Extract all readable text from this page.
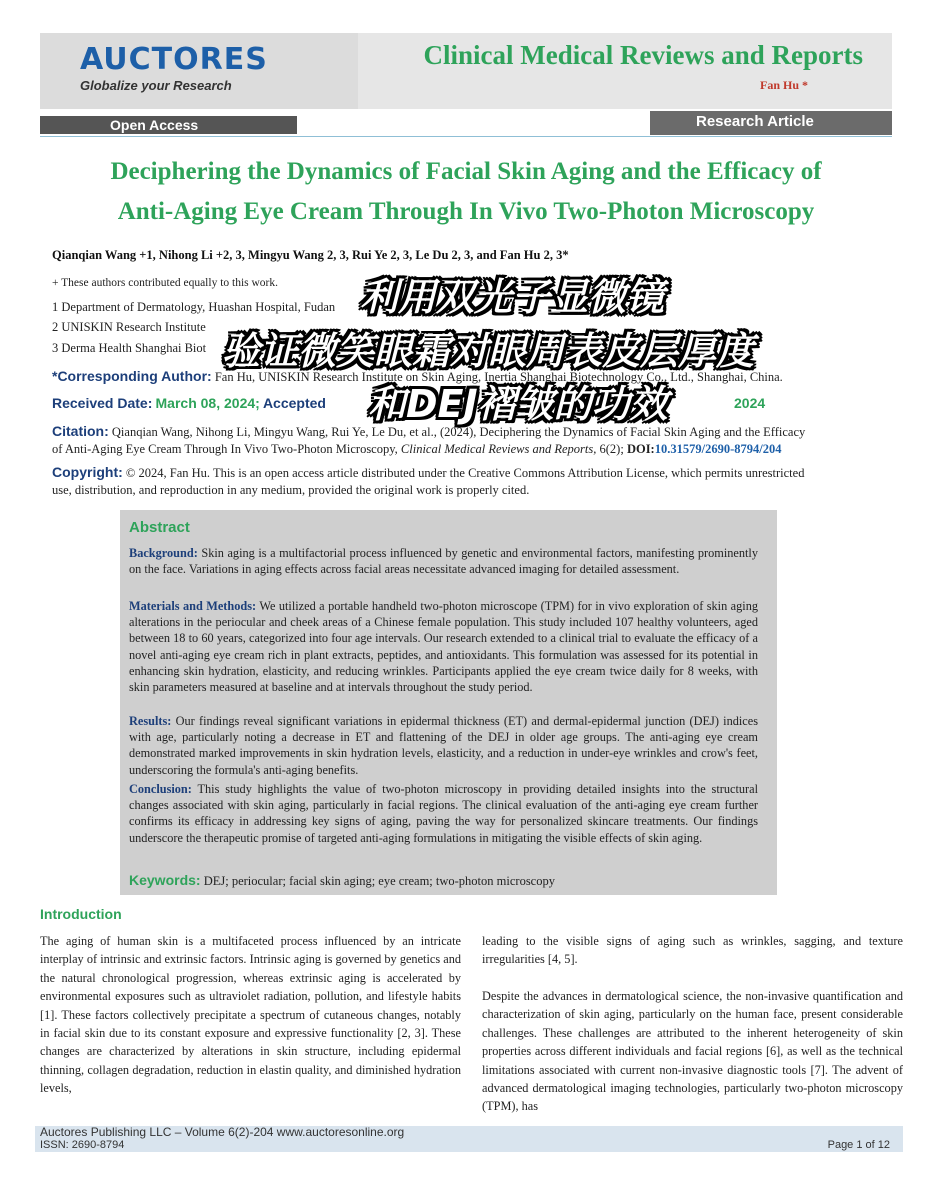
AUCTORES
Globalize your Research
Clinical Medical Reviews and Reports
Fan Hu *
Open Access	Research Article
Deciphering the Dynamics of Facial Skin Aging and the Efficacy of
Anti-Aging Eye Cream Through In Vivo Two-Photon Microscopy
Qianqian Wang +1, Nihong Li +2, 3, Mingyu Wang 2, 3, Rui Ye 2, 3, Le Du 2, 3, and Fan Hu 2, 3*
+ These authors contributed equally to this work.
1 Department of Dermatology, Huashan Hospital, Fudan
2 UNISKIN Research Institute
3 Derma Health Shanghai Biot
*Corresponding Author: Fan Hu, UNISKIN Research Institute on Skin Aging, Inertia Shanghai Biotechnology Co., Ltd., Shanghai, China.
Received Date: March 08, 2024; Accepted	2024
Citation: Qianqian Wang, Nihong Li, Mingyu Wang, Rui Ye, Le Du, et al., (2024), Deciphering the Dynamics of Facial Skin Aging and the Efficacy
of Anti-Aging Eye Cream Through In Vivo Two-Photon Microscopy, Clinical Medical Reviews and Reports, 6(2); DOI:10.31579/2690-8794/204
Copyright: © 2024, Fan Hu. This is an open access article distributed under the Creative Commons Attribution License, which permits unrestricted
use, distribution, and reproduction in any medium, provided the original work is properly cited.
利用双光子显微镜
验证微笑眼霜对眼周表皮层厚度
和DEJ褶皱的功效
Abstract
Background: Skin aging is a multifactorial process influenced by genetic and environmental factors, manifesting prominently on the face. Variations in aging effects across facial areas necessitate advanced imaging for detailed assessment.
Materials and Methods: We utilized a portable handheld two-photon microscope (TPM) for in vivo exploration of skin aging alterations in the periocular and cheek areas of a Chinese female population. This study included 107 healthy volunteers, aged between 18 to 60 years, categorized into four age intervals. Our research extended to a clinical trial to evaluate the efficacy of a novel anti-aging eye cream rich in plant extracts, peptides, and antioxidants. This formulation was assessed for its potential in enhancing skin hydration, elasticity, and reducing wrinkles. Participants applied the eye cream twice daily for 8 weeks, with skin parameters measured at baseline and at intervals throughout the study period.
Results: Our findings reveal significant variations in epidermal thickness (ET) and dermal-epidermal junction (DEJ) indices with age, particularly noting a decrease in ET and flattening of the DEJ in older age groups. The anti-aging eye cream demonstrated marked improvements in skin hydration levels, elasticity, and a reduction in under-eye wrinkles and crow's feet, underscoring the formula's anti-aging benefits.
Conclusion: This study highlights the value of two-photon microscopy in providing detailed insights into the structural changes associated with skin aging, particularly in facial regions. The clinical evaluation of the anti-aging eye cream further confirms its efficacy in addressing key signs of aging, paving the way for personalized skincare treatments. Our findings underscore the therapeutic promise of targeted anti-aging formulations in mitigating the visible effects of skin aging.
Keywords: DEJ; periocular; facial skin aging; eye cream; two-photon microscopy
Introduction
The aging of human skin is a multifaceted process influenced by an intricate interplay of intrinsic and extrinsic factors. Intrinsic aging is governed by genetics and the natural chronological progression, whereas extrinsic aging is accelerated by environmental exposures such as ultraviolet radiation, pollution, and lifestyle habits [1]. These factors collectively precipitate a spectrum of cutaneous changes, notably in facial skin due to its constant exposure and expressive functionality [2, 3]. These changes are characterized by alterations in skin structure, including epidermal thinning, collagen degradation, reduction in elastin quality, and diminished hydration levels,
leading to the visible signs of aging such as wrinkles, sagging, and texture irregularities [4, 5].
Despite the advances in dermatological science, the non-invasive quantification and characterization of skin aging, particularly on the human face, present considerable challenges. These challenges are attributed to the inherent heterogeneity of skin properties across different individuals and facial regions [6], as well as the technical limitations associated with current non-invasive diagnostic tools [7]. The advent of advanced dermatological imaging technologies, particularly two-photon microscopy (TPM), has
Auctores Publishing LLC – Volume 6(2)-204 www.auctoresonline.org
ISSN: 2690-8794	Page 1 of 12
